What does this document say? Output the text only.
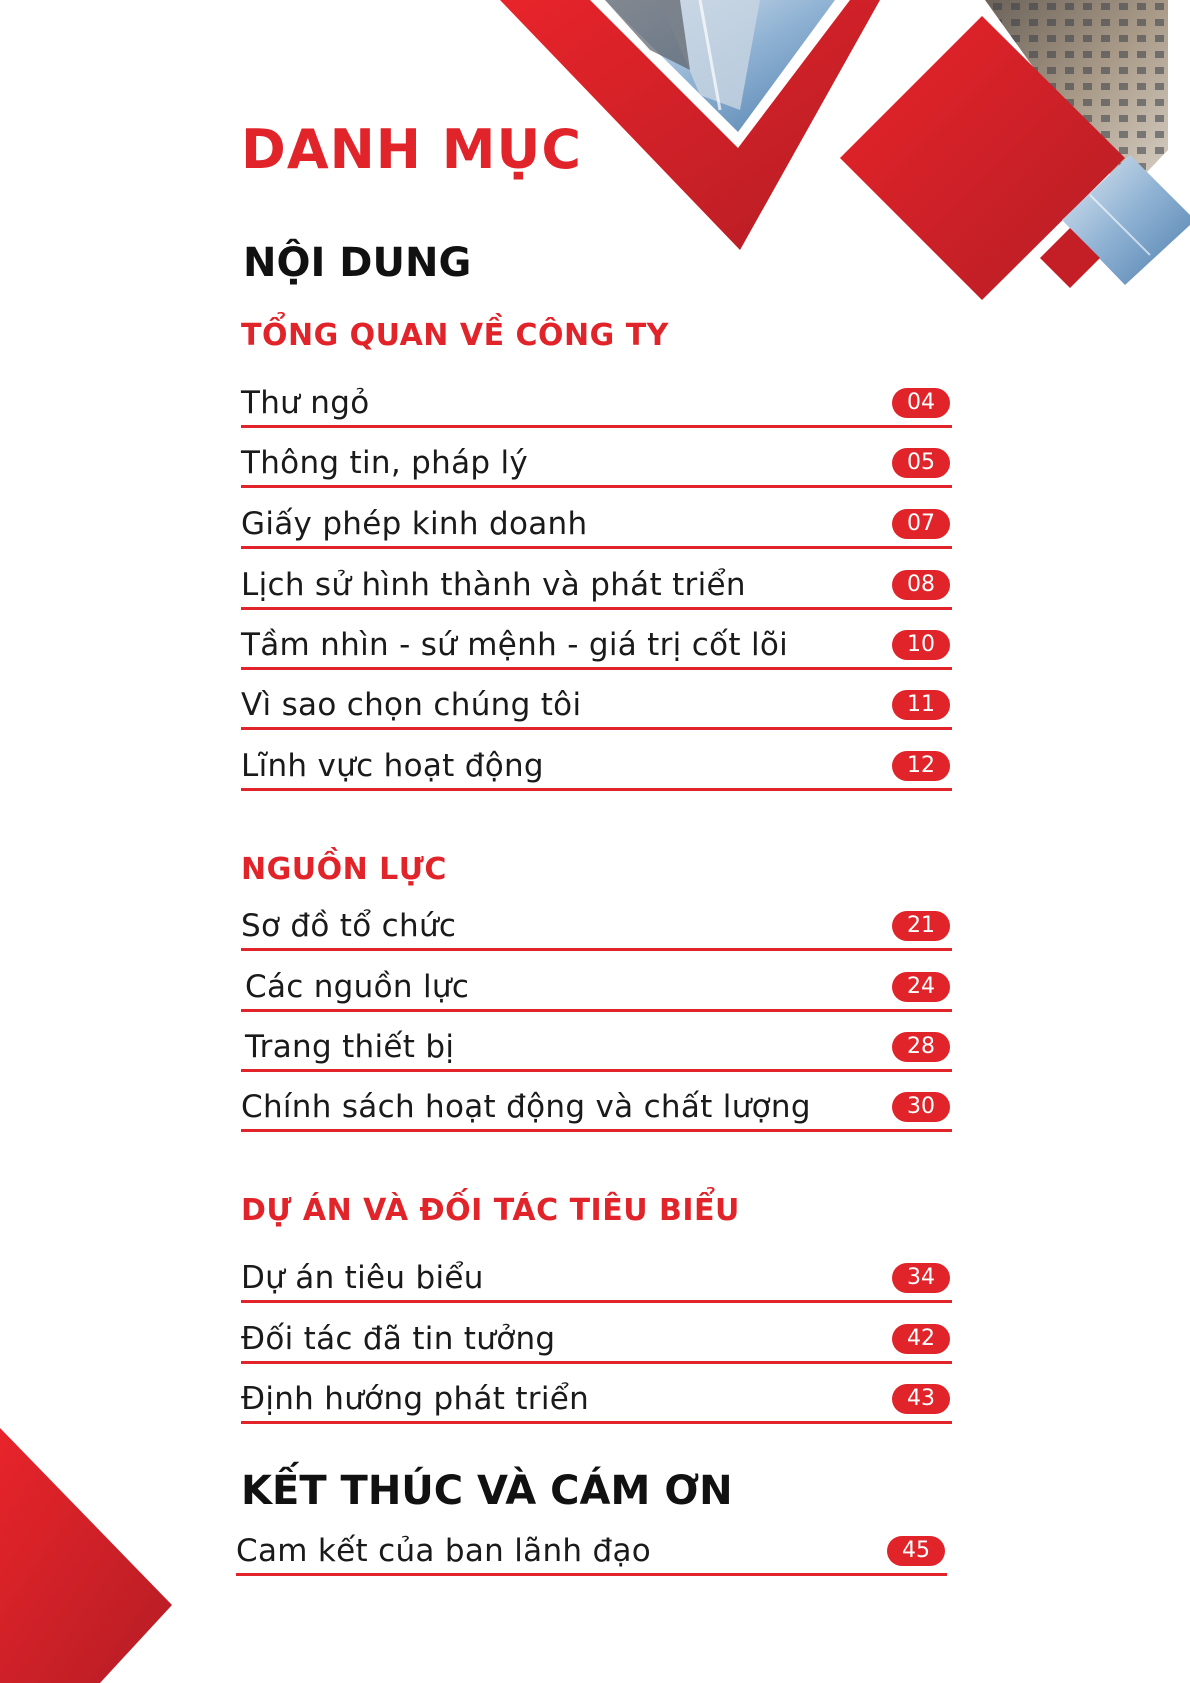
DANH MỤC
NỘI DUNG
TỔNG QUAN VỀ CÔNG TY
Thư ngỏ	04
Thông tin, pháp lý	05
Giấy phép kinh doanh	07
Lịch sử hình thành và phát triển	08
Tầm nhìn - sứ mệnh - giá trị cốt lõi	10
Vì sao chọn chúng tôi	11
Lĩnh vực hoạt động	12
NGUỒN LỰC
Sơ đồ tổ chức	21
Các nguồn lực	24
Trang thiết bị	28
Chính sách hoạt động và chất lượng	30
DỰ ÁN VÀ ĐỐI TÁC TIÊU BIỂU
Dự án tiêu biểu	34
Đối tác đã tin tưởng	42
Định hướng phát triển	43
KẾT THÚC VÀ CÁM ƠN
Cam kết của ban lãnh đạo	45
